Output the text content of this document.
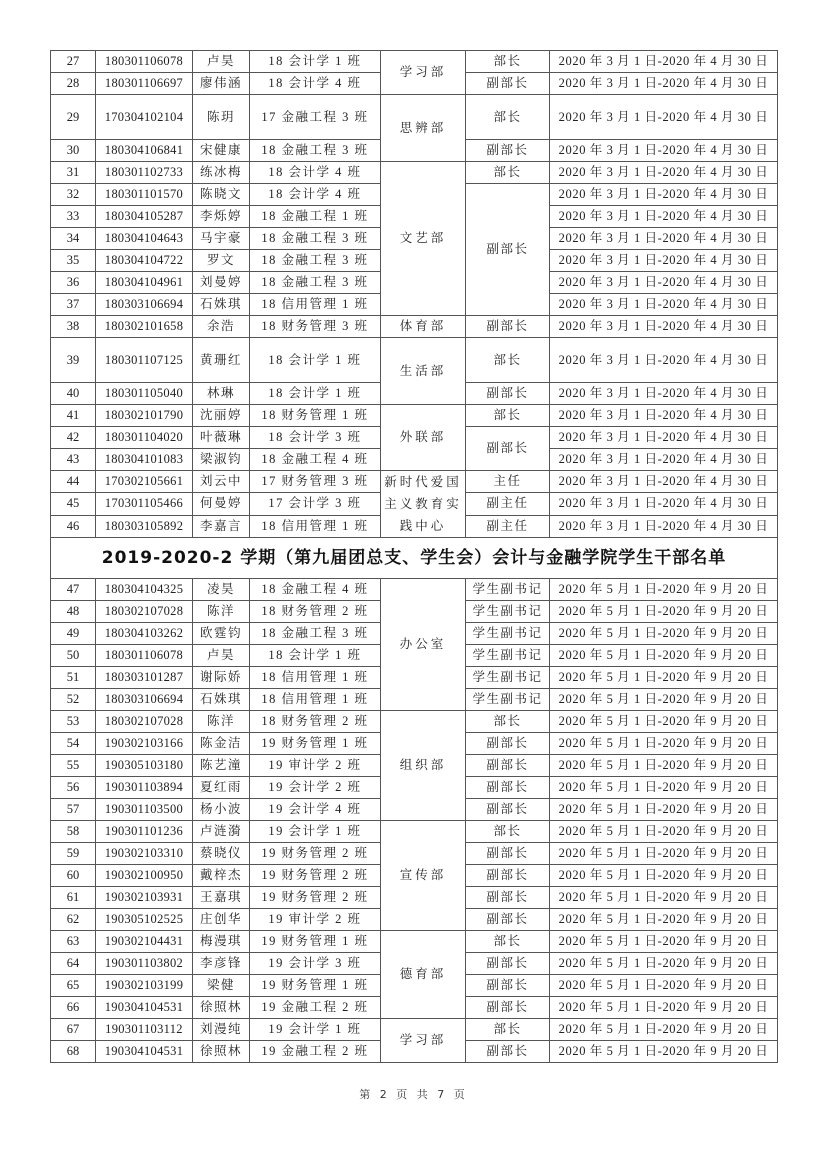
27	180301106078	卢昊	18 会计学 1 班	学习部	部长	2020 年 3 月 1 日-2020 年 4 月 30 日
28	180301106697	廖伟涵	18 会计学 4 班		副部长	2020 年 3 月 1 日-2020 年 4 月 30 日
29	170304102104	陈玥	17 金融工程 3 班	思辨部	部长	2020 年 3 月 1 日-2020 年 4 月 30 日
30	180304106841	宋健康	18 金融工程 3 班		副部长	2020 年 3 月 1 日-2020 年 4 月 30 日
31	180301102733	练冰梅	18 会计学 4 班	文艺部	部长	2020 年 3 月 1 日-2020 年 4 月 30 日
32	180301101570	陈晓文	18 会计学 4 班		副部长	2020 年 3 月 1 日-2020 年 4 月 30 日
33	180304105287	李烁婷	18 金融工程 1 班			2020 年 3 月 1 日-2020 年 4 月 30 日
34	180304104643	马宇豪	18 金融工程 3 班			2020 年 3 月 1 日-2020 年 4 月 30 日
35	180304104722	罗文	18 金融工程 3 班			2020 年 3 月 1 日-2020 年 4 月 30 日
36	180304104961	刘曼婷	18 金融工程 3 班			2020 年 3 月 1 日-2020 年 4 月 30 日
37	180303106694	石姝琪	18 信用管理 1 班			2020 年 3 月 1 日-2020 年 4 月 30 日
38	180302101658	余浩	18 财务管理 3 班	体育部	副部长	2020 年 3 月 1 日-2020 年 4 月 30 日
39	180301107125	黄珊红	18 会计学 1 班	生活部	部长	2020 年 3 月 1 日-2020 年 4 月 30 日
40	180301105040	林琳	18 会计学 1 班		副部长	2020 年 3 月 1 日-2020 年 4 月 30 日
41	180302101790	沈丽婷	18 财务管理 1 班	外联部	部长	2020 年 3 月 1 日-2020 年 4 月 30 日
42	180301104020	叶薇琳	18 会计学 3 班		副部长	2020 年 3 月 1 日-2020 年 4 月 30 日
43	180304101083	梁淑钧	18 金融工程 4 班			2020 年 3 月 1 日-2020 年 4 月 30 日
44	170302105661	刘云中	17 财务管理 3 班	新时代爱国主义教育实践中心	主任	2020 年 3 月 1 日-2020 年 4 月 30 日
45	170301105466	何曼婷	17 会计学 3 班		副主任	2020 年 3 月 1 日-2020 年 4 月 30 日
46	180303105892	李嘉言	18 信用管理 1 班		副主任	2020 年 3 月 1 日-2020 年 4 月 30 日
2019-2020-2 学期（第九届团总支、学生会）会计与金融学院学生干部名单						
47	180304104325	凌昊	18 金融工程 4 班	办公室	学生副书记	2020 年 5 月 1 日-2020 年 9 月 20 日
48	180302107028	陈洋	18 财务管理 2 班		学生副书记	2020 年 5 月 1 日-2020 年 9 月 20 日
49	180304103262	欧霆钧	18 金融工程 3 班		学生副书记	2020 年 5 月 1 日-2020 年 9 月 20 日
50	180301106078	卢昊	18 会计学 1 班		学生副书记	2020 年 5 月 1 日-2020 年 9 月 20 日
51	180303101287	谢际娇	18 信用管理 1 班		学生副书记	2020 年 5 月 1 日-2020 年 9 月 20 日
52	180303106694	石姝琪	18 信用管理 1 班		学生副书记	2020 年 5 月 1 日-2020 年 9 月 20 日
53	180302107028	陈洋	18 财务管理 2 班	组织部	部长	2020 年 5 月 1 日-2020 年 9 月 20 日
54	190302103166	陈金洁	19 财务管理 1 班		副部长	2020 年 5 月 1 日-2020 年 9 月 20 日
55	190305103180	陈艺潼	19 审计学 2 班		副部长	2020 年 5 月 1 日-2020 年 9 月 20 日
56	190301103894	夏红雨	19 会计学 2 班		副部长	2020 年 5 月 1 日-2020 年 9 月 20 日
57	190301103500	杨小波	19 会计学 4 班		副部长	2020 年 5 月 1 日-2020 年 9 月 20 日
58	190301101236	卢涟漪	19 会计学 1 班	宣传部	部长	2020 年 5 月 1 日-2020 年 9 月 20 日
59	190302103310	蔡晓仪	19 财务管理 2 班		副部长	2020 年 5 月 1 日-2020 年 9 月 20 日
60	190302100950	戴梓杰	19 财务管理 2 班		副部长	2020 年 5 月 1 日-2020 年 9 月 20 日
61	190302103931	王嘉琪	19 财务管理 2 班		副部长	2020 年 5 月 1 日-2020 年 9 月 20 日
62	190305102525	庄创华	19 审计学 2 班		副部长	2020 年 5 月 1 日-2020 年 9 月 20 日
63	190302104431	梅漫琪	19 财务管理 1 班	德育部	部长	2020 年 5 月 1 日-2020 年 9 月 20 日
64	190301103802	李彦锋	19 会计学 3 班		副部长	2020 年 5 月 1 日-2020 年 9 月 20 日
65	190302103199	梁健	19 财务管理 1 班		副部长	2020 年 5 月 1 日-2020 年 9 月 20 日
66	190304104531	徐照林	19 金融工程 2 班		副部长	2020 年 5 月 1 日-2020 年 9 月 20 日
67	190301103112	刘漫纯	19 会计学 1 班	学习部	部长	2020 年 5 月 1 日-2020 年 9 月 20 日
68	190304104531	徐照林	19 金融工程 2 班		副部长	2020 年 5 月 1 日-2020 年 9 月 20 日
第 2 页 共 7 页
